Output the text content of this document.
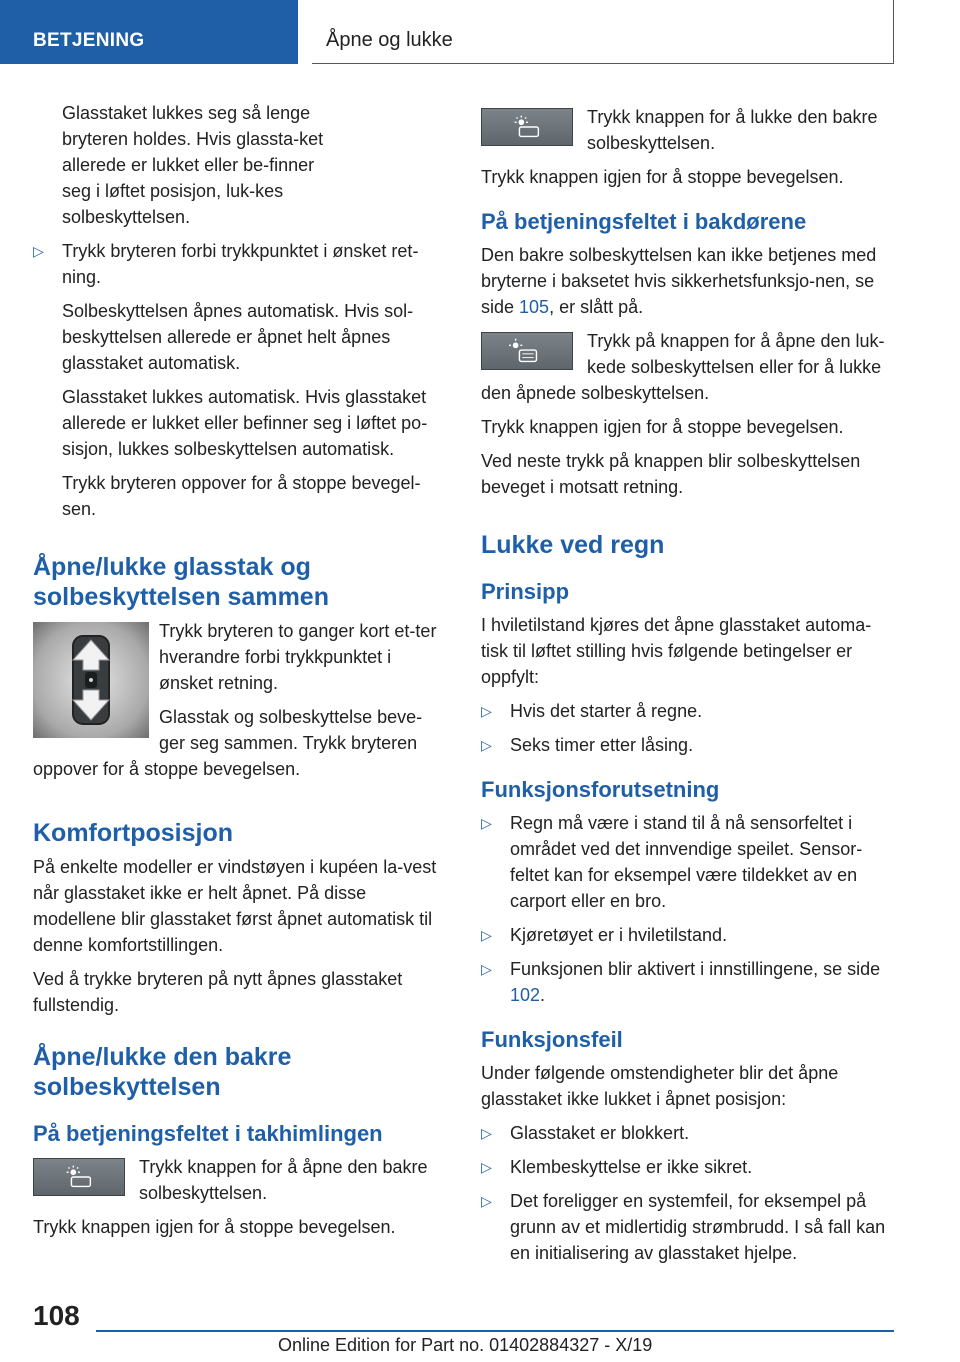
BETJENING	Åpne og lukke

Glasstaket lukkes seg så lenge bryteren holdes. Hvis glassta-ket allerede er lukket eller be-finner seg i løftet posisjon, luk-kes solbeskyttelsen.

▷ Trykk bryteren forbi trykkpunktet i ønsket ret-ning.

Solbeskyttelsen åpnes automatisk. Hvis sol-beskyttelsen allerede er åpnet helt åpnes glasstaket automatisk.

Glasstaket lukkes automatisk. Hvis glasstaket allerede er lukket eller befinner seg i løftet po-sisjon, lukkes solbeskyttelsen automatisk.

Trykk bryteren oppover for å stoppe bevegel-sen.

Åpne/lukke glasstak og solbeskyttelsen sammen

Trykk bryteren to ganger kort et-ter hverandre forbi trykkpunktet i ønsket retning.

Glasstak og solbeskyttelse beve-ger seg sammen. Trykk bryteren oppover for å stoppe bevegelsen.

Komfortposisjon

På enkelte modeller er vindstøyen i kupéen la-vest når glasstaket ikke er helt åpnet. På disse modellene blir glasstaket først åpnet automatisk til denne komfortstillingen.

Ved å trykke bryteren på nytt åpnes glasstaket fullstendig.

Åpne/lukke den bakre solbeskyttelsen
På betjeningsfeltet i takhimlingen

Trykk knappen for å åpne den bakre solbeskyttelsen.

Trykk knappen igjen for å stoppe bevegelsen.

Trykk knappen for å lukke den bakre solbeskyttelsen.

Trykk knappen igjen for å stoppe bevegelsen.

På betjeningsfeltet i bakdørene

Den bakre solbeskyttelsen kan ikke betjenes med bryterne i baksetet hvis sikkerhetsfunksjo-nen, se side 105, er slått på.

Trykk på knappen for å åpne den luk-kede solbeskyttelsen eller for å lukke den åpnede solbeskyttelsen.

Trykk knappen igjen for å stoppe bevegelsen.

Ved neste trykk på knappen blir solbeskyttelsen beveget i motsatt retning.

Lukke ved regn
Prinsipp

I hviletilstand kjøres det åpne glasstaket automa-tisk til løftet stilling hvis følgende betingelser er oppfylt:

▷ Hvis det starter å regne.
▷ Seks timer etter låsing.
Funksjonsforutsetning
▷ Regn må være i stand til å nå sensorfeltet i området ved det innvendige speilet. Sensor-feltet kan for eksempel være tildekket av en carport eller en bro.
▷ Kjøretøyet er i hviletilstand.
▷ Funksjonen blir aktivert i innstillingene, se side 102.
Funksjonsfeil

Under følgende omstendigheter blir det åpne glasstaket ikke lukket i åpnet posisjon:

▷ Glasstaket er blokkert.
▷ Klembeskyttelse er ikke sikret.
▷ Det foreligger en systemfeil, for eksempel på grunn av et midlertidig strømbrudd. I så fall kan en initialisering av glasstaket hjelpe.
108
Online Edition for Part no. 01402884327 - X/19
